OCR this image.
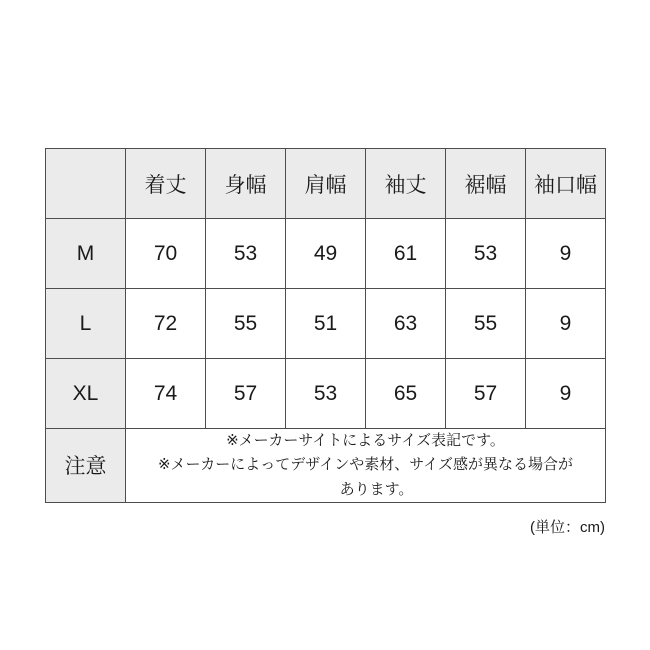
	着丈	身幅	肩幅	袖丈	裾幅	袖口幅
M	70	53	49	61	53	9
L	72	55	51	63	55	9
XL	74	57	53	65	57	9
注意	※メーカーサイトによるサイズ表記です。
※メーカーによってデザインや素材、サイズ感が異なる場合が
あります。					
(単位：cm)
